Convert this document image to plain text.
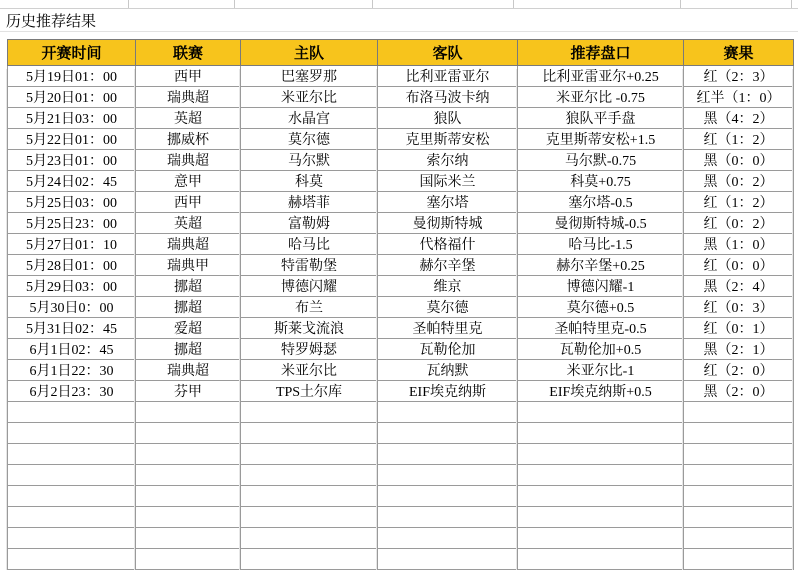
历史推荐结果
开赛时间	联赛	主队	客队	推荐盘口	赛果
5月19日01：00	西甲	巴塞罗那	比利亚雷亚尔	比利亚雷亚尔+0.25	红（2：3）
5月20日01：00	瑞典超	米亚尔比	布洛马波卡纳	米亚尔比 -0.75	红半（1：0）
5月21日03：00	英超	水晶宫	狼队	狼队平手盘	黑（4：2）
5月22日01：00	挪威杯	莫尔德	克里斯蒂安松	克里斯蒂安松+1.5	红（1：2）
5月23日01：00	瑞典超	马尔默	索尔纳	马尔默-0.75	黑（0：0）
5月24日02：45	意甲	科莫	国际米兰	科莫+0.75	黑（0：2）
5月25日03：00	西甲	赫塔菲	塞尔塔	塞尔塔-0.5	红（1：2）
5月25日23：00	英超	富勒姆	曼彻斯特城	曼彻斯特城-0.5	红（0：2）
5月27日01：10	瑞典超	哈马比	代格福什	哈马比-1.5	黑（1：0）
5月28日01：00	瑞典甲	特雷勒堡	赫尔辛堡	赫尔辛堡+0.25	红（0：0）
5月29日03：00	挪超	博德闪耀	维京	博德闪耀-1	黑（2：4）
5月30日0：00	挪超	布兰	莫尔德	莫尔德+0.5	红（0：3）
5月31日02：45	爱超	斯莱戈流浪	圣帕特里克	圣帕特里克-0.5	红（0：1）
6月1日02：45	挪超	特罗姆瑟	瓦勒伦加	瓦勒伦加+0.5	黑（2：1）
6月1日22：30	瑞典超	米亚尔比	瓦纳默	米亚尔比-1	红（2：0）
6月2日23：30	芬甲	TPS土尔库	EIF埃克纳斯	EIF埃克纳斯+0.5	黑（2：0）
